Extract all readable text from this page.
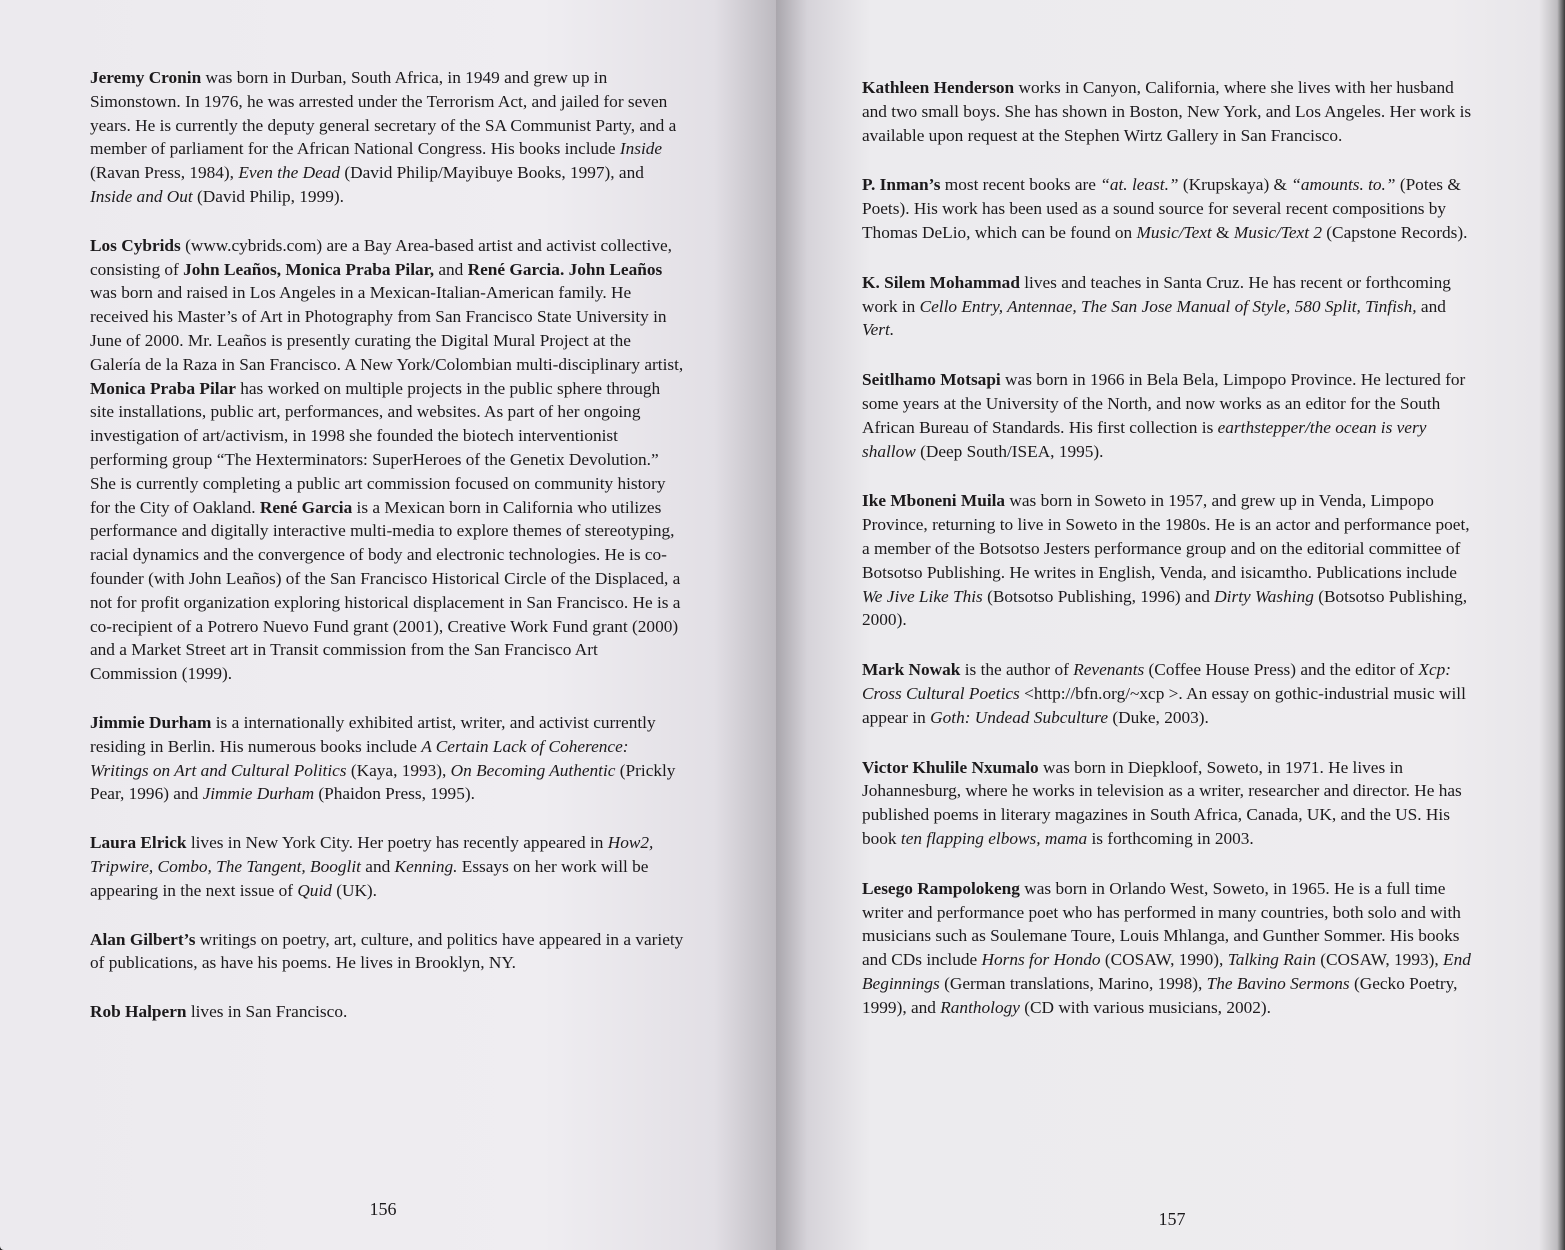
Jeremy Cronin was born in Durban, South Africa, in 1949 and grew up in Simonstown. In 1976, he was arrested under the Terrorism Act, and jailed for seven years. He is currently the deputy general secretary of the SA Communist Party, and a member of parliament for the African National Congress. His books include Inside (Ravan Press, 1984), Even the Dead (David Philip/Mayibuye Books, 1997), and Inside and Out (David Philip, 1999).

Los Cybrids (www.cybrids.com) are a Bay Area-based artist and activist collective, consisting of John Leaños, Monica Praba Pilar, and René Garcia. John Leaños was born and raised in Los Angeles in a Mexican-Italian-American family. He received his Master’s of Art in Photography from San Francisco State University in June of 2000. Mr. Leaños is presently curating the Digital Mural Project at the Galería de la Raza in San Francisco. A New York/Colombian multi-disciplinary artist, Monica Praba Pilar has worked on multiple projects in the public sphere through site installations, public art, performances, and websites. As part of her ongoing investigation of art/activism, in 1998 she founded the biotech interventionist performing group “The Hexterminators: SuperHeroes of the Genetix Devolution.” She is currently completing a public art commission focused on community history for the City of Oakland. René Garcia is a Mexican born in California who utilizes performance and digitally interactive multi-media to explore themes of stereotyping, racial dynamics and the convergence of body and electronic technologies. He is co-founder (with John Leaños) of the San Francisco Historical Circle of the Displaced, a not for profit organization exploring historical displacement in San Francisco. He is a co-recipient of a Potrero Nuevo Fund grant (2001), Creative Work Fund grant (2000) and a Market Street art in Transit commission from the San Francisco Art Commission (1999).

Jimmie Durham is a internationally exhibited artist, writer, and activist currently residing in Berlin. His numerous books include A Certain Lack of Coherence: Writings on Art and Cultural Politics (Kaya, 1993), On Becoming Authentic (Prickly Pear, 1996) and Jimmie Durham (Phaidon Press, 1995).

Laura Elrick lives in New York City. Her poetry has recently appeared in How2, Tripwire, Combo, The Tangent, Booglit and Kenning. Essays on her work will be appearing in the next issue of Quid (UK).

Alan Gilbert’s writings on poetry, art, culture, and politics have appeared in a variety of publications, as have his poems. He lives in Brooklyn, NY.

Rob Halpern lives in San Francisco.

156

Kathleen Henderson works in Canyon, California, where she lives with her husband and two small boys. She has shown in Boston, New York, and Los Angeles. Her work is available upon request at the Stephen Wirtz Gallery in San Francisco.

P. Inman’s most recent books are “at. least.” (Krupskaya) & “amounts. to.” (Potes & Poets). His work has been used as a sound source for several recent compositions by Thomas DeLio, which can be found on Music/Text & Music/Text 2 (Capstone Records).

K. Silem Mohammad lives and teaches in Santa Cruz. He has recent or forthcoming work in Cello Entry, Antennae, The San Jose Manual of Style, 580 Split, Tinfish, and Vert.

Seitlhamo Motsapi was born in 1966 in Bela Bela, Limpopo Province. He lectured for some years at the University of the North, and now works as an editor for the South African Bureau of Standards. His first collection is earthstepper/the ocean is very shallow (Deep South/ISEA, 1995).

Ike Mboneni Muila was born in Soweto in 1957, and grew up in Venda, Limpopo Province, returning to live in Soweto in the 1980s. He is an actor and performance poet, a member of the Botsotso Jesters performance group and on the editorial committee of Botsotso Publishing. He writes in English, Venda, and isicamtho. Publications include We Jive Like This (Botsotso Publishing, 1996) and Dirty Washing (Botsotso Publishing, 2000).

Mark Nowak is the author of Revenants (Coffee House Press) and the editor of Xcp: Cross Cultural Poetics <http://bfn.org/~xcp >. An essay on gothic-industrial music will appear in Goth: Undead Subculture (Duke, 2003).

Victor Khulile Nxumalo was born in Diepkloof, Soweto, in 1971. He lives in Johannesburg, where he works in television as a writer, researcher and director. He has published poems in literary magazines in South Africa, Canada, UK, and the US. His book ten flapping elbows, mama is forthcoming in 2003.

Lesego Rampolokeng was born in Orlando West, Soweto, in 1965. He is a full time writer and performance poet who has performed in many countries, both solo and with musicians such as Soulemane Toure, Louis Mhlanga, and Gunther Sommer. His books and CDs include Horns for Hondo (COSAW, 1990), Talking Rain (COSAW, 1993), End Beginnings (German translations, Marino, 1998), The Bavino Sermons (Gecko Poetry, 1999), and Ranthology (CD with various musicians, 2002).

157
